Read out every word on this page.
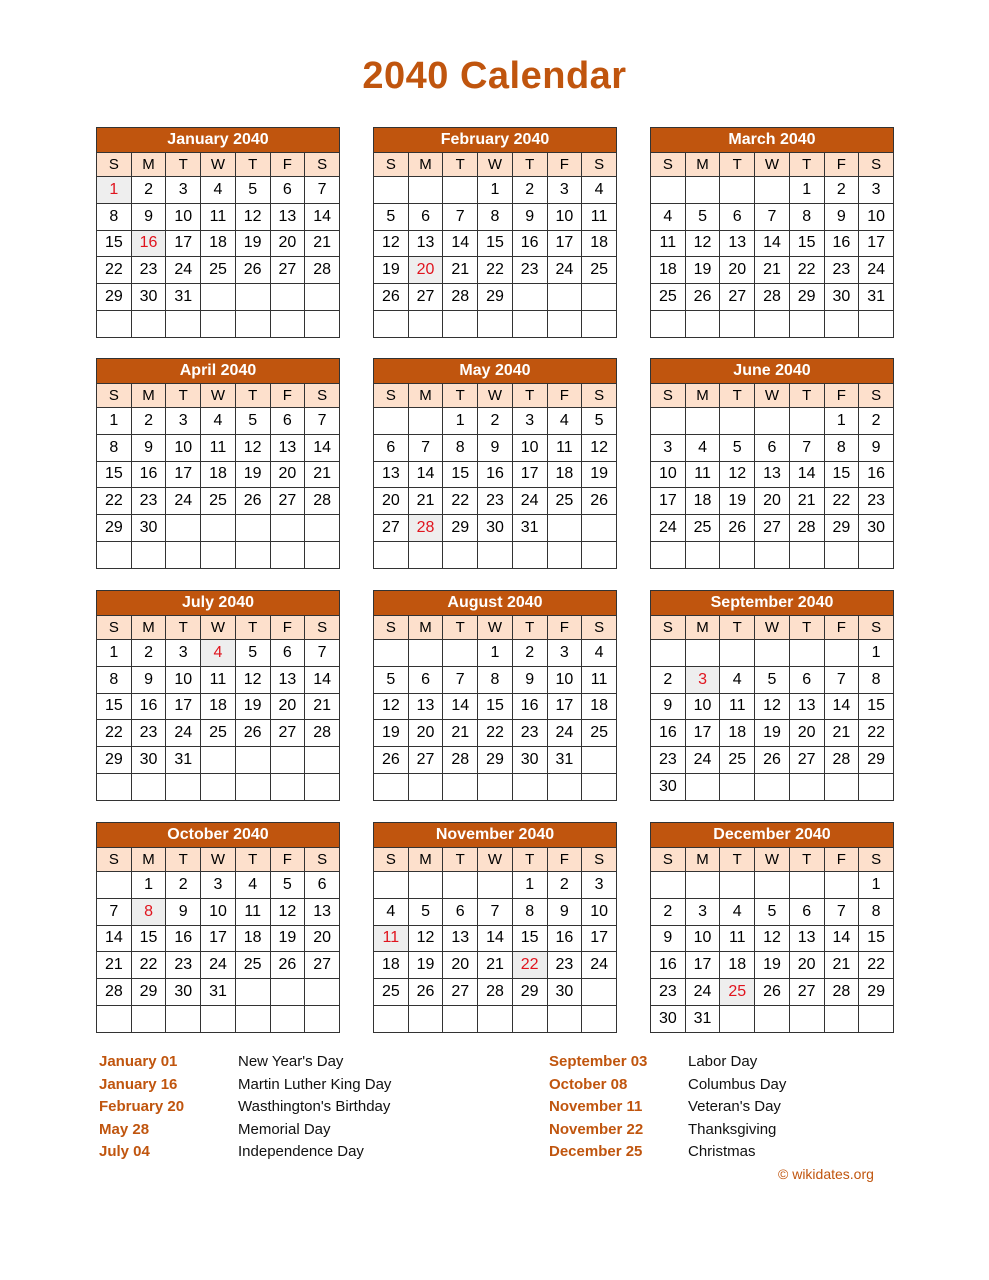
2040 Calendar
January 2040						
S	M	T	W	T	F	S
1	2	3	4	5	6	7
8	9	10	11	12	13	14
15	16	17	18	19	20	21
22	23	24	25	26	27	28
29	30	31				

February 2040						
S	M	T	W	T	F	S
			1	2	3	4
5	6	7	8	9	10	11
12	13	14	15	16	17	18
19	20	21	22	23	24	25
26	27	28	29			

March 2040						
S	M	T	W	T	F	S
				1	2	3
4	5	6	7	8	9	10
11	12	13	14	15	16	17
18	19	20	21	22	23	24
25	26	27	28	29	30	31

April 2040						
S	M	T	W	T	F	S
1	2	3	4	5	6	7
8	9	10	11	12	13	14
15	16	17	18	19	20	21
22	23	24	25	26	27	28
29	30					

May 2040						
S	M	T	W	T	F	S
		1	2	3	4	5
6	7	8	9	10	11	12
13	14	15	16	17	18	19
20	21	22	23	24	25	26
27	28	29	30	31		

June 2040						
S	M	T	W	T	F	S
					1	2
3	4	5	6	7	8	9
10	11	12	13	14	15	16
17	18	19	20	21	22	23
24	25	26	27	28	29	30

July 2040						
S	M	T	W	T	F	S
1	2	3	4	5	6	7
8	9	10	11	12	13	14
15	16	17	18	19	20	21
22	23	24	25	26	27	28
29	30	31				

August 2040						
S	M	T	W	T	F	S
			1	2	3	4
5	6	7	8	9	10	11
12	13	14	15	16	17	18
19	20	21	22	23	24	25
26	27	28	29	30	31	

September 2040						
S	M	T	W	T	F	S
						1
2	3	4	5	6	7	8
9	10	11	12	13	14	15
16	17	18	19	20	21	22
23	24	25	26	27	28	29
30						
October 2040						
S	M	T	W	T	F	S
	1	2	3	4	5	6
7	8	9	10	11	12	13
14	15	16	17	18	19	20
21	22	23	24	25	26	27
28	29	30	31			

November 2040						
S	M	T	W	T	F	S
				1	2	3
4	5	6	7	8	9	10
11	12	13	14	15	16	17
18	19	20	21	22	23	24
25	26	27	28	29	30	

December 2040						
S	M	T	W	T	F	S
						1
2	3	4	5	6	7	8
9	10	11	12	13	14	15
16	17	18	19	20	21	22
23	24	25	26	27	28	29
30	31					
January 01	New Year's Day
January 16	Martin Luther King Day
February 20	Wasthington's Birthday
May 28	Memorial Day
July 04	Independence Day
September 03	Labor Day
October 08	Columbus Day
November 11	Veteran's Day
November 22	Thanksgiving
December 25	Christmas
© wikidates.org
